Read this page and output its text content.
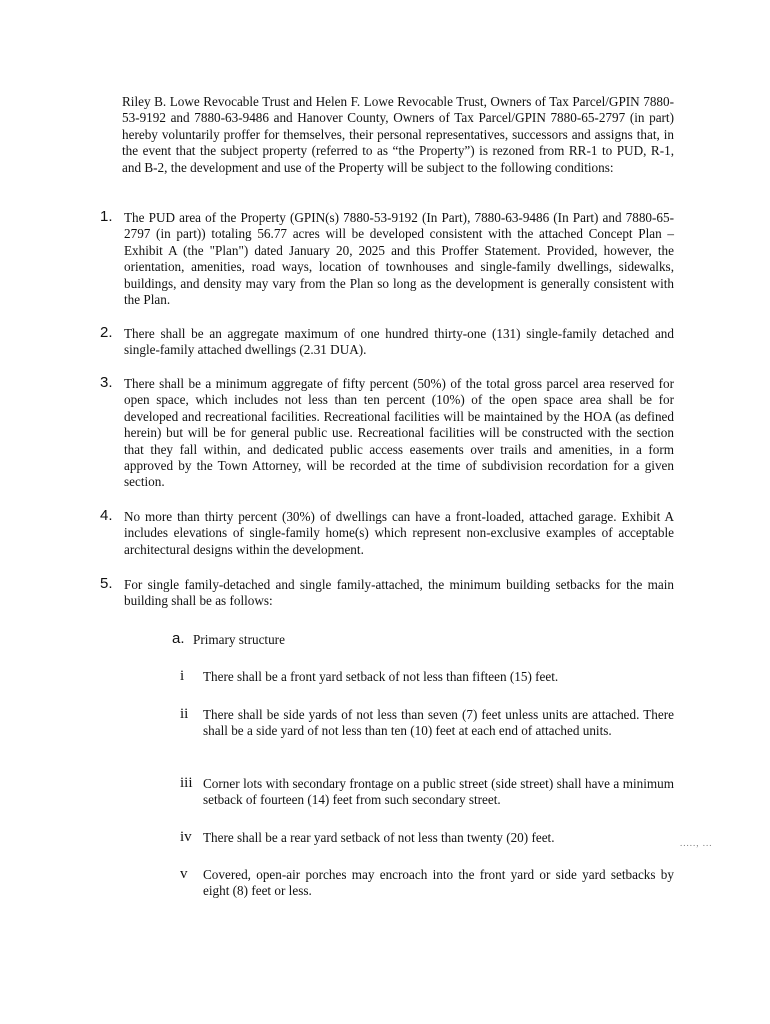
Riley B. Lowe Revocable Trust and Helen F. Lowe Revocable Trust, Owners of Tax Parcel/GPIN 7880-53-9192 and 7880-63-9486 and Hanover County, Owners of Tax Parcel/GPIN 7880-65-2797 (in part) hereby voluntarily proffer for themselves, their personal representatives, successors and assigns that, in the event that the subject property (referred to as “the Property”) is rezoned from RR-1 to PUD, R-1, and B-2, the development and use of the Property will be subject to the following conditions:
1. The PUD area of the Property (GPIN(s) 7880-53-9192 (In Part), 7880-63-9486 (In Part) and 7880-65-2797 (in part)) totaling 56.77 acres will be developed consistent with the attached Concept Plan – Exhibit A (the "Plan") dated January 20, 2025 and this Proffer Statement. Provided, however, the orientation, amenities, road ways, location of townhouses and single-family dwellings, sidewalks, buildings, and density may vary from the Plan so long as the development is generally consistent with the Plan.
2. There shall be an aggregate maximum of one hundred thirty-one (131) single-family detached and single-family attached dwellings (2.31 DUA).
3. There shall be a minimum aggregate of fifty percent (50%) of the total gross parcel area reserved for open space, which includes not less than ten percent (10%) of the open space area shall be for developed and recreational facilities. Recreational facilities will be maintained by the HOA (as defined herein) but will be for general public use. Recreational facilities will be constructed with the section that they fall within, and dedicated public access easements over trails and amenities, in a form approved by the Town Attorney, will be recorded at the time of subdivision recordation for a given section.
4. No more than thirty percent (30%) of dwellings can have a front-loaded, attached garage. Exhibit A includes elevations of single-family home(s) which represent non-exclusive examples of acceptable architectural designs within the development.
5. For single family-detached and single family-attached, the minimum building setbacks for the main building shall be as follows:
a. Primary structure
i There shall be a front yard setback of not less than fifteen (15) feet.
ii There shall be side yards of not less than seven (7) feet unless units are attached. There shall be a side yard of not less than ten (10) feet at each end of attached units.
iii Corner lots with secondary frontage on a public street (side street) shall have a minimum setback of fourteen (14) feet from such secondary street.
iv There shall be a rear yard setback of not less than twenty (20) feet.
v Covered, open-air porches may encroach into the front yard or side yard setbacks by eight (8) feet or less.
....., ...
